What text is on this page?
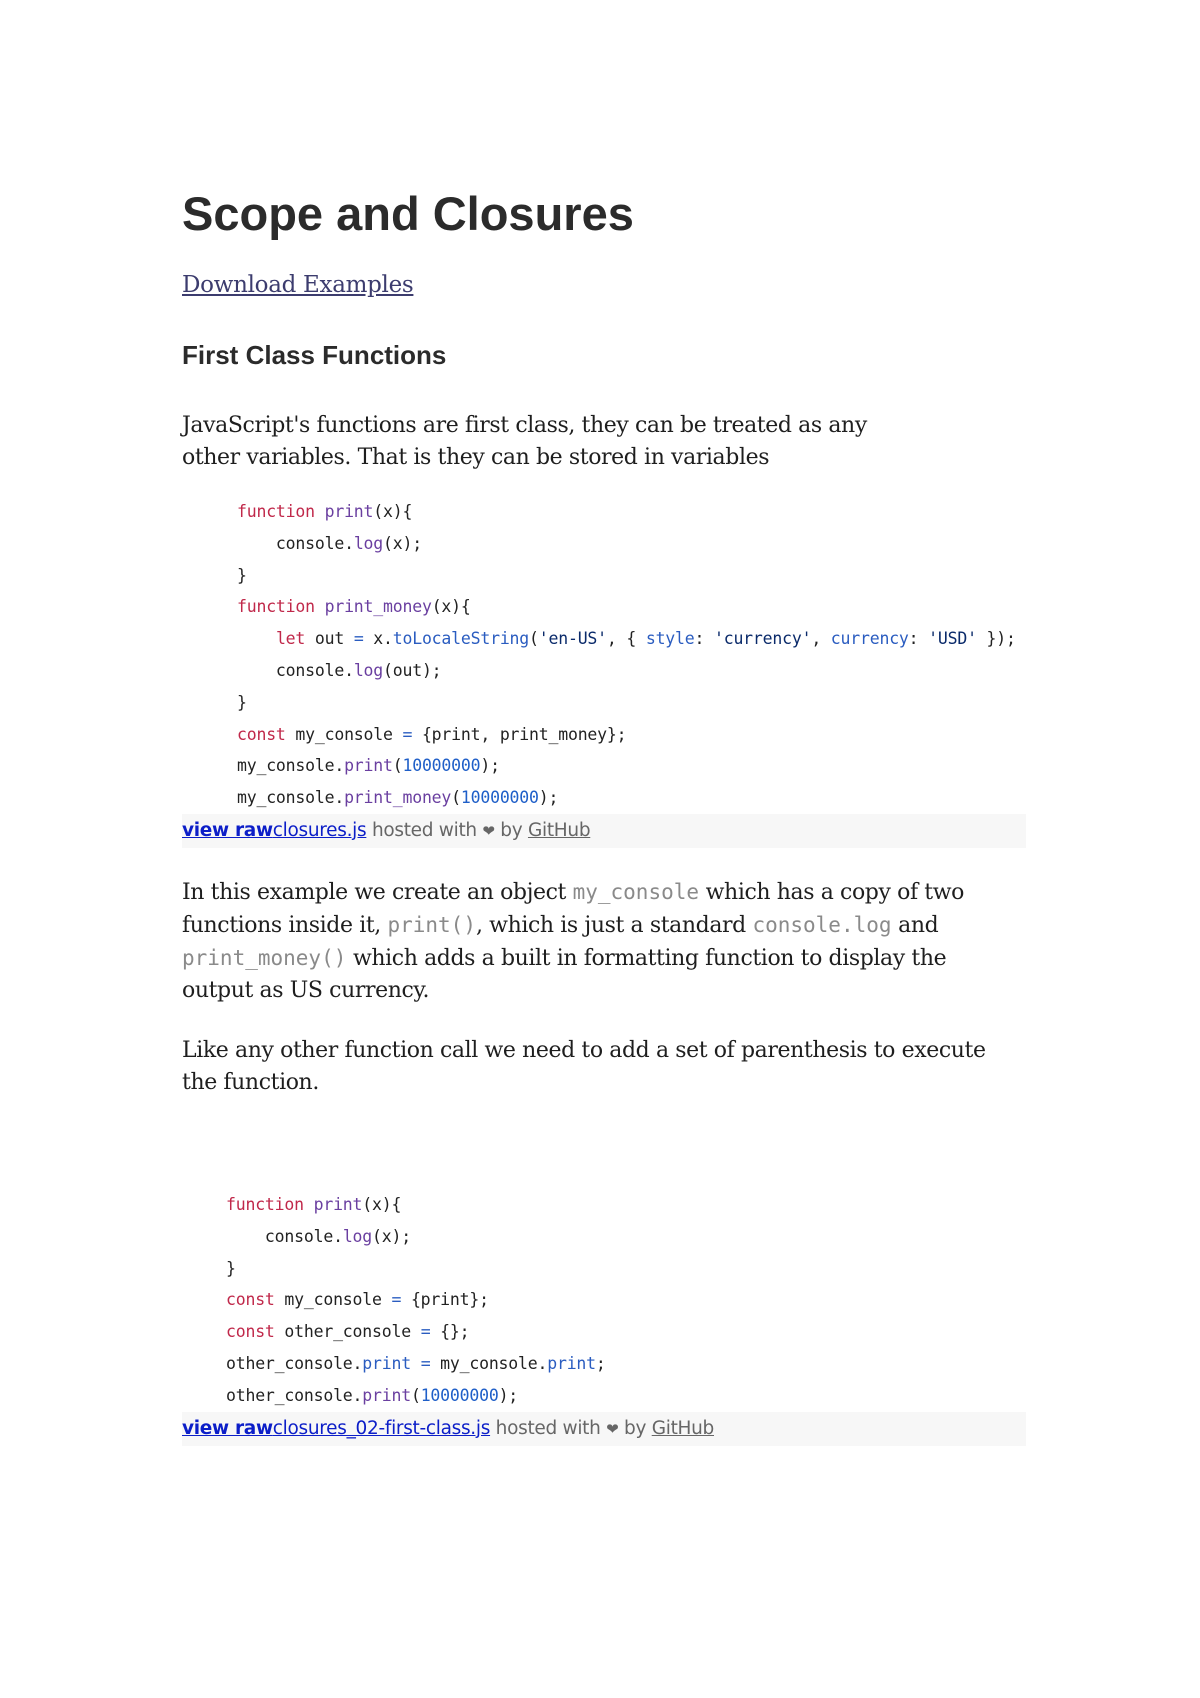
Scope and Closures
Download Examples
First Class Functions

JavaScript's functions are first class, they can be treated as any other variables. That is they can be stored in variables

function print(x){
console.log(x);
}
function print_money(x){
let out = x.toLocaleString('en-US', { style: 'currency', currency: 'USD' });
console.log(out);
}
const my_console = {print, print_money};
my_console.print(10000000);
my_console.print_money(10000000);
view rawclosures.js hosted with ❤ by GitHub

In this example we create an object my_console which has a copy of two functions inside it, print(), which is just a standard console.log and print_money() which adds a built in formatting function to display the output as US currency.

Like any other function call we need to add a set of parenthesis to execute the function.

function print(x){
console.log(x);
}
const my_console = {print};
const other_console = {};
other_console.print = my_console.print;
other_console.print(10000000);
view rawclosures_02-first-class.js hosted with ❤ by GitHub
